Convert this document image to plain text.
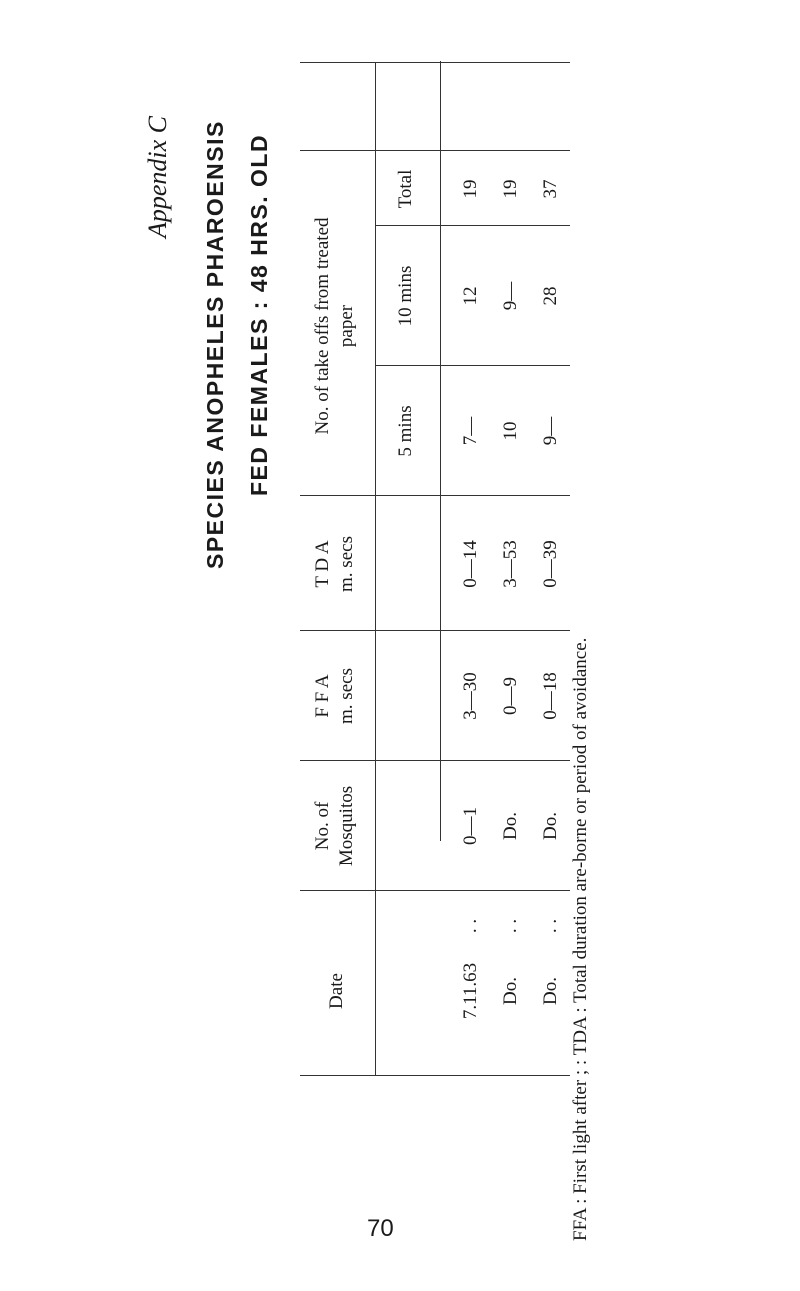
Appendix C SPECIES ANOPHELES PHAROENSIS FED FEMALES : 48 HRS. OLD
Date
No. of Mosquitos
F F A m. secs
T D A m. secs
No. of take offs from treated paper
5 mins
10 mins
Total
7.11.63
. .
0—1
3—30
0—14
7—
12
19
Do.
. .
Do.
0—9
3—53
10
9—
19
Do.
. .
Do.
0—18
0—39
9—
28
37
FFA : First light after ; : TDA : Total duration are-borne or period of avoidance.
70
